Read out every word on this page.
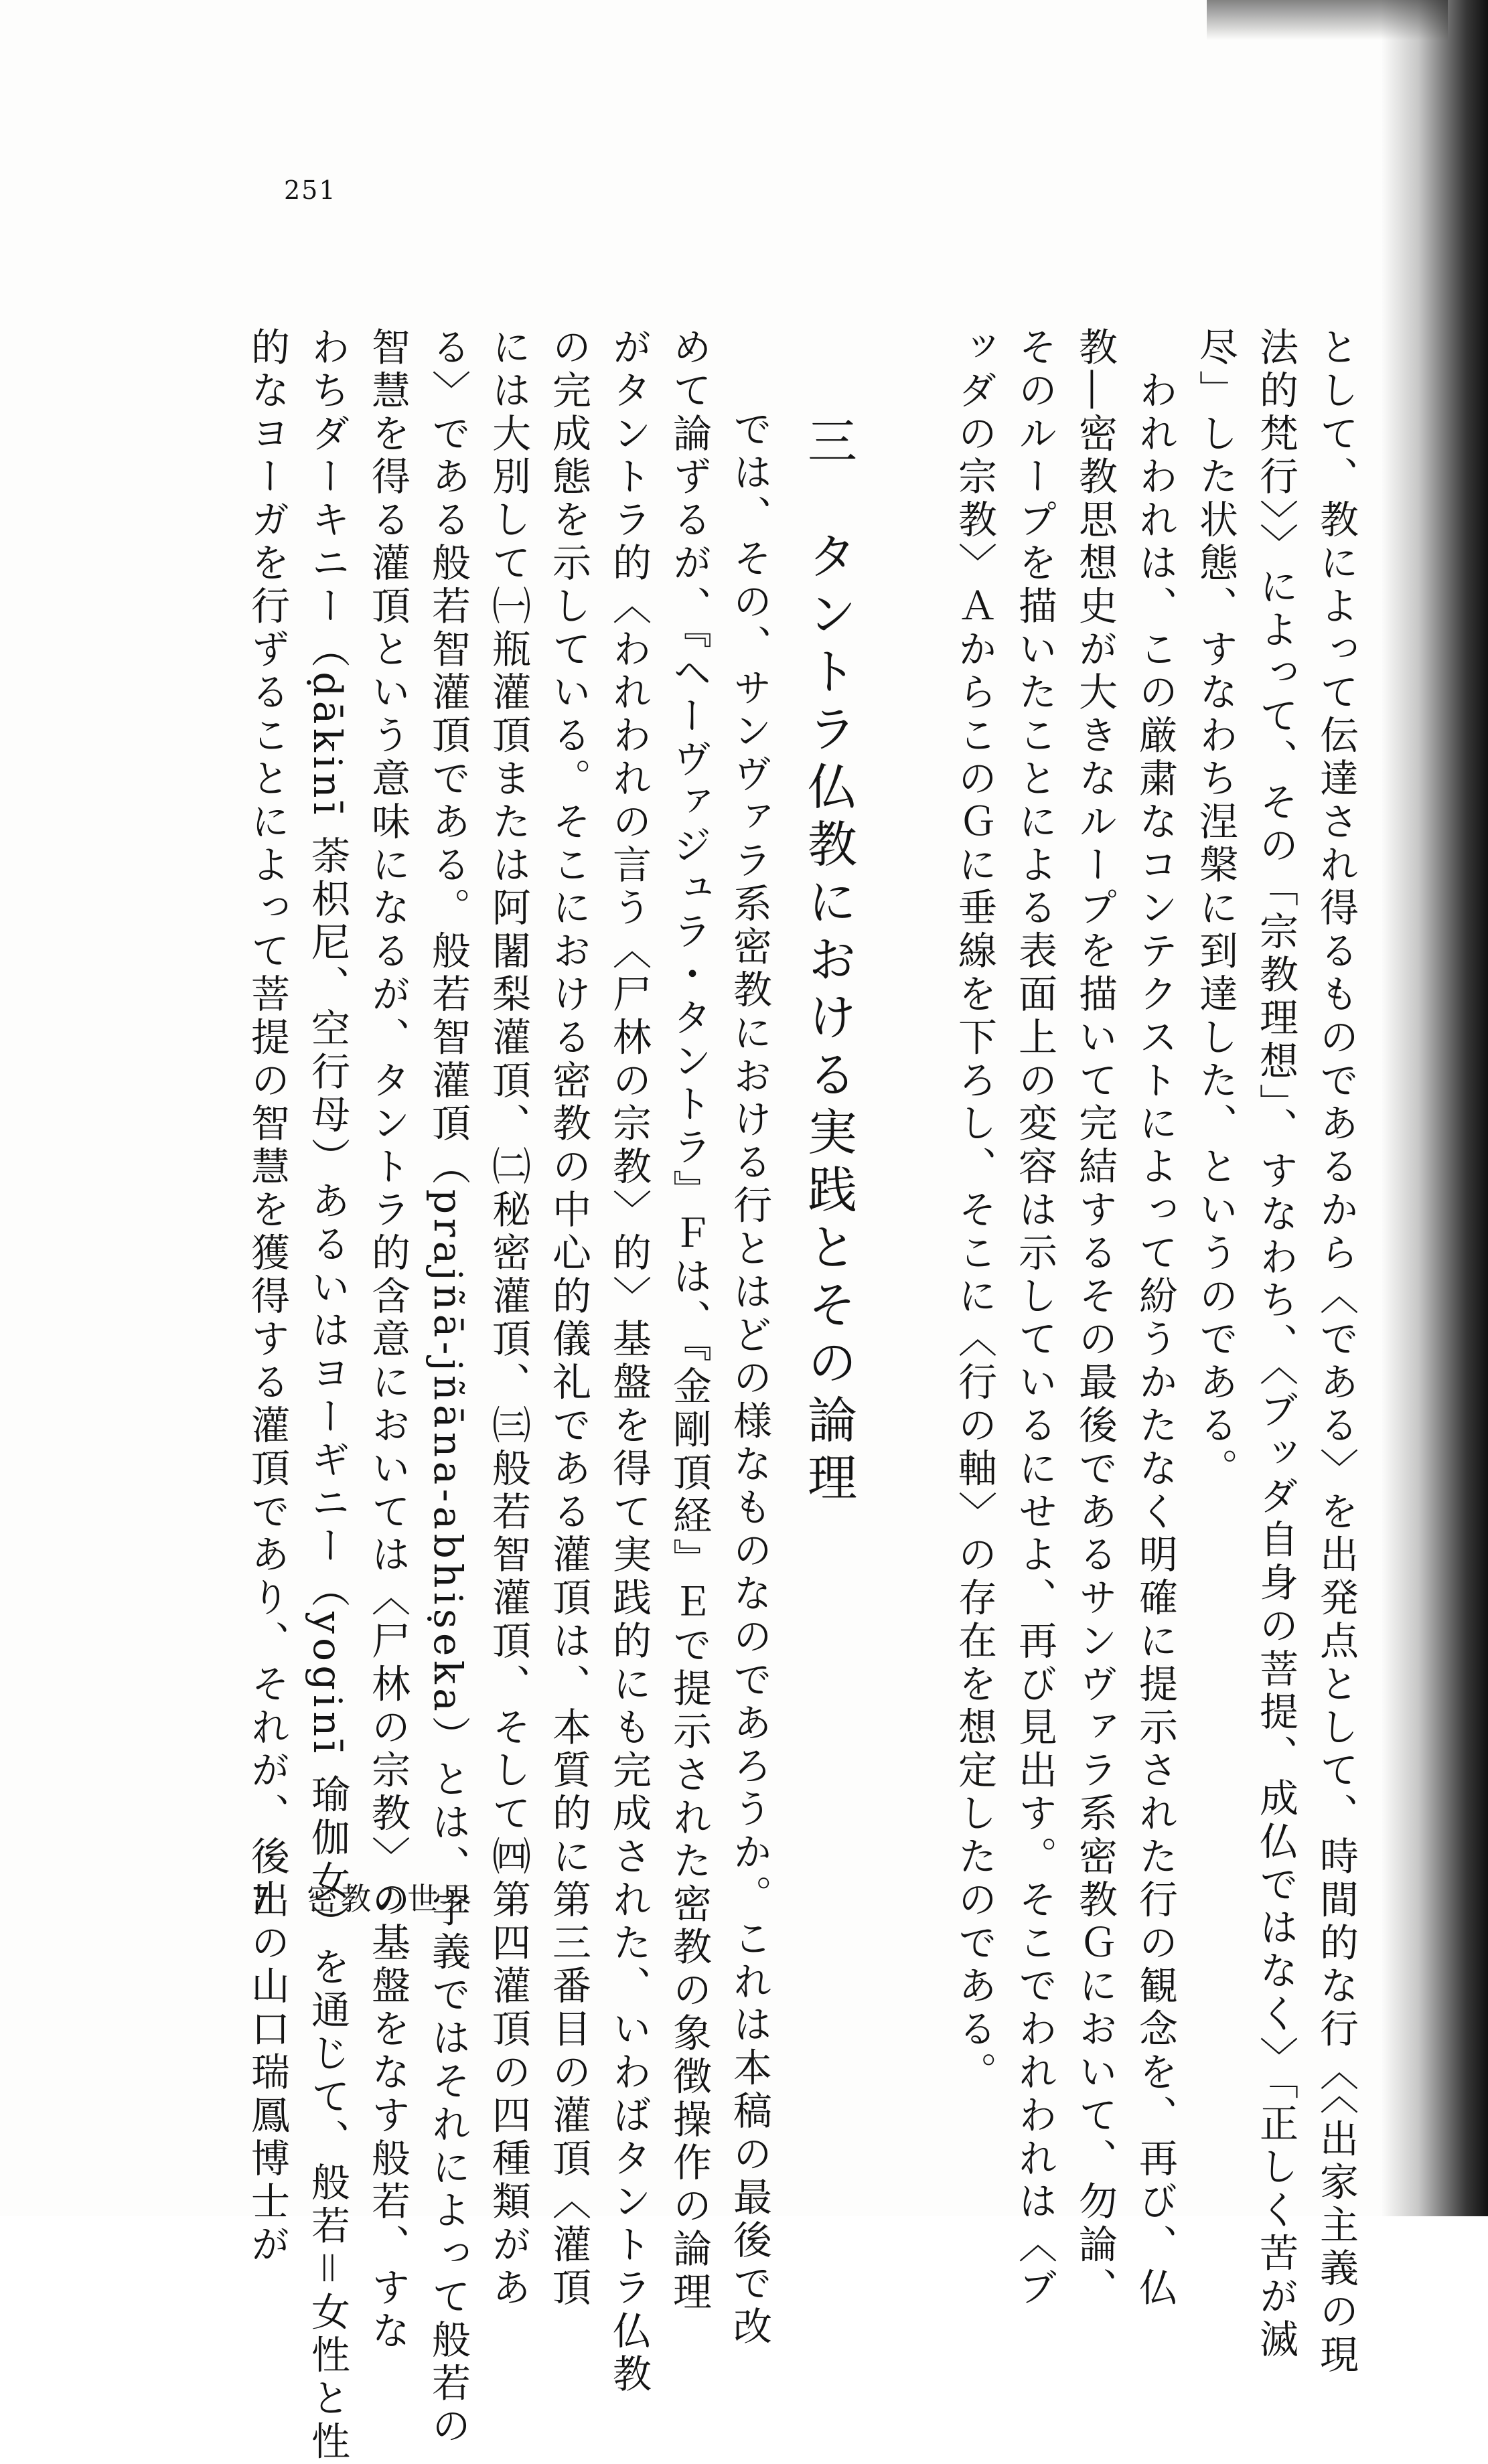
251
として、教によって伝達され得るものであるから〈である〉を出発点として、時間的な行〈〈出家主義の現
法的梵行〉〉によって、その「宗教理想」、すなわち、〈ブッダ自身の菩提、成仏ではなく〉「正しく苦が滅
尽」した状態、すなわち涅槃に到達した、というのである。
　われわれは、この厳粛なコンテクストによって紛うかたなく明確に提示された行の観念を、再び、仏
教―密教思想史が大きなループを描いて完結するその最後であるサンヴァラ系密教Ｇにおいて、勿論、
そのループを描いたことによる表面上の変容は示しているにせよ、再び見出す。そこでわれわれは〈ブ
ッダの宗教〉ＡからこのＧに垂線を下ろし、そこに〈行の軸〉の存在を想定したのである。
三　タントラ仏教における実践とその論理
　では、その、サンヴァラ系密教における行とはどの様なものなのであろうか。これは本稿の最後で改
めて論ずるが、『ヘーヴァジュラ・タントラ』Ｆは、『金剛頂経』Ｅで提示された密教の象徴操作の論理
がタントラ的〈われわれの言う〈尸林の宗教〉的〉基盤を得て実践的にも完成された、いわばタントラ仏教
の完成態を示している。そこにおける密教の中心的儀礼である灌頂は、本質的に第三番目の灌頂〈灌頂
には大別して㈠瓶灌頂または阿闍梨灌頂、㈡秘密灌頂、㈢般若智灌頂、そして㈣第四灌頂の四種類があ
る〉である般若智灌頂である。般若智灌頂（prajñā-jñāna-abhiṣeka）とは、字義ではそれによって般若の
智慧を得る灌頂という意味になるが、タントラ的含意においては〈尸林の宗教〉の基盤をなす般若、すな
わちダーキニー（ḍākinī 荼枳尼、空行母）あるいはヨーギニー（yoginī 瑜伽女）を通じて、般若＝女性と性
的なヨーガを行ずることによって菩提の智慧を獲得する灌頂であり、それが、後出の山口瑞鳳博士が
7　密教の世界
